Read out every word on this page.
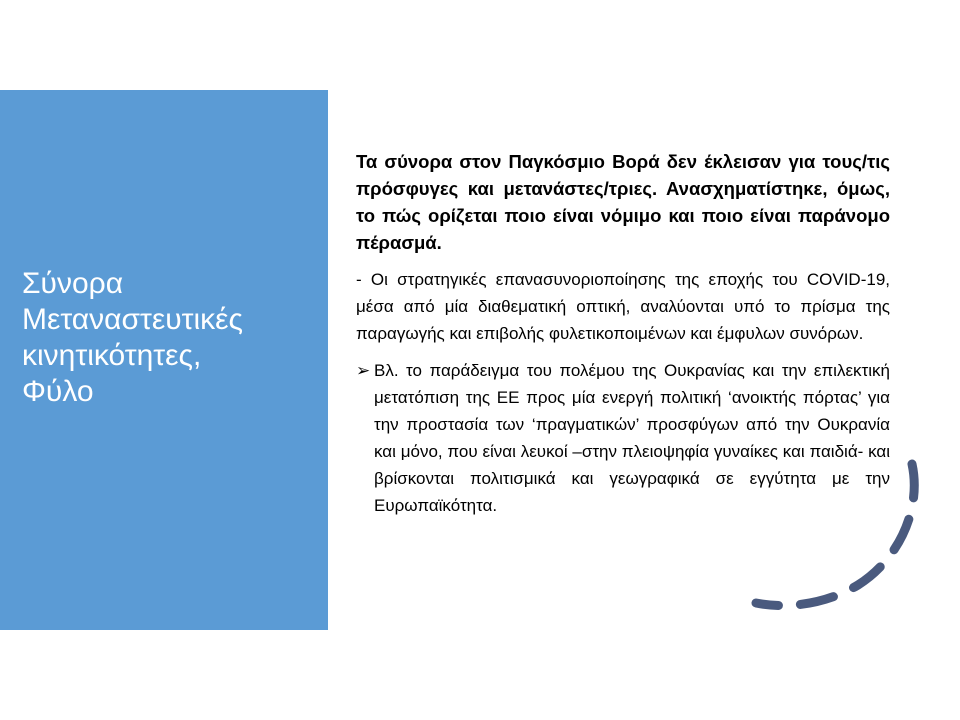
Σύνορα
Μεταναστευτικές
κινητικότητες,
Φύλο

Τα σύνορα στον Παγκόσμιο Βορά δεν έκλεισαν για τους/τις πρόσφυγες και μετανάστες/τριες. Ανασχηματίστηκε, όμως, το πώς ορίζεται ποιο είναι νόμιμο και ποιο είναι παράνομο πέρασμά.

- Οι στρατηγικές επανασυνοριοποίησης της εποχής του COVID-19, μέσα από μία διαθεματική οπτική, αναλύονται υπό το πρίσμα της παραγωγής και επιβολής φυλετικοποιμένων και έμφυλων συνόρων.

➢ Βλ. το παράδειγμα του πολέμου της Ουκρανίας και την επιλεκτική μετατόπιση της ΕΕ προς μία ενεργή πολιτική ‘ανοικτής πόρτας’ για την προστασία των ‘πραγματικών’ προσφύγων από την Ουκρανία και μόνο, που είναι λευκοί –στην πλειοψηφία γυναίκες και παιδιά- και βρίσκονται πολιτισμικά και γεωγραφικά σε εγγύτητα με την Ευρωπαϊκότητα.
